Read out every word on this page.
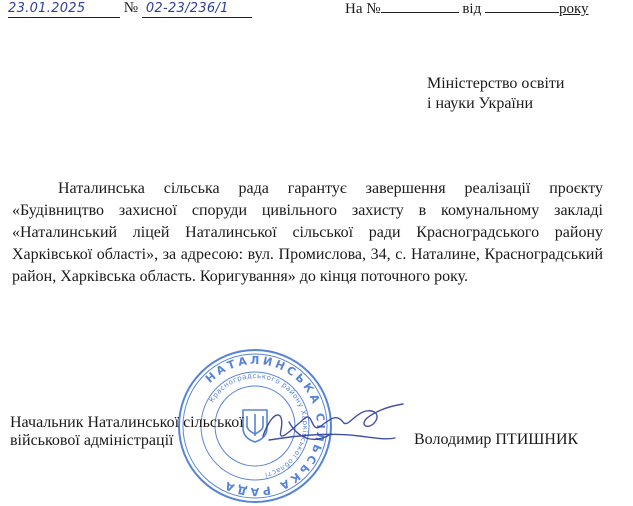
23.01.2025	№ 02-23/236/1	На №	від	року
Міністерство освіти
і науки України

Наталинська сільська рада гарантує завершення реалізації проєкту «Будівництво захисної споруди цивільного захисту в комунальному закладі «Наталинський ліцей Наталинської сільської ради Красноградського району Харківської області», за адресою: вул. Промислова, 34, с. Наталине, Красноградський район, Харківська область. Коригування» до кінця поточного року.

НАТАЛИНСЬКА СІЛЬСЬКА РАДА
Красноградського району Харківської області
Начальник Наталинської сільської
військової адміністрації	Володимир ПТИШНИК
